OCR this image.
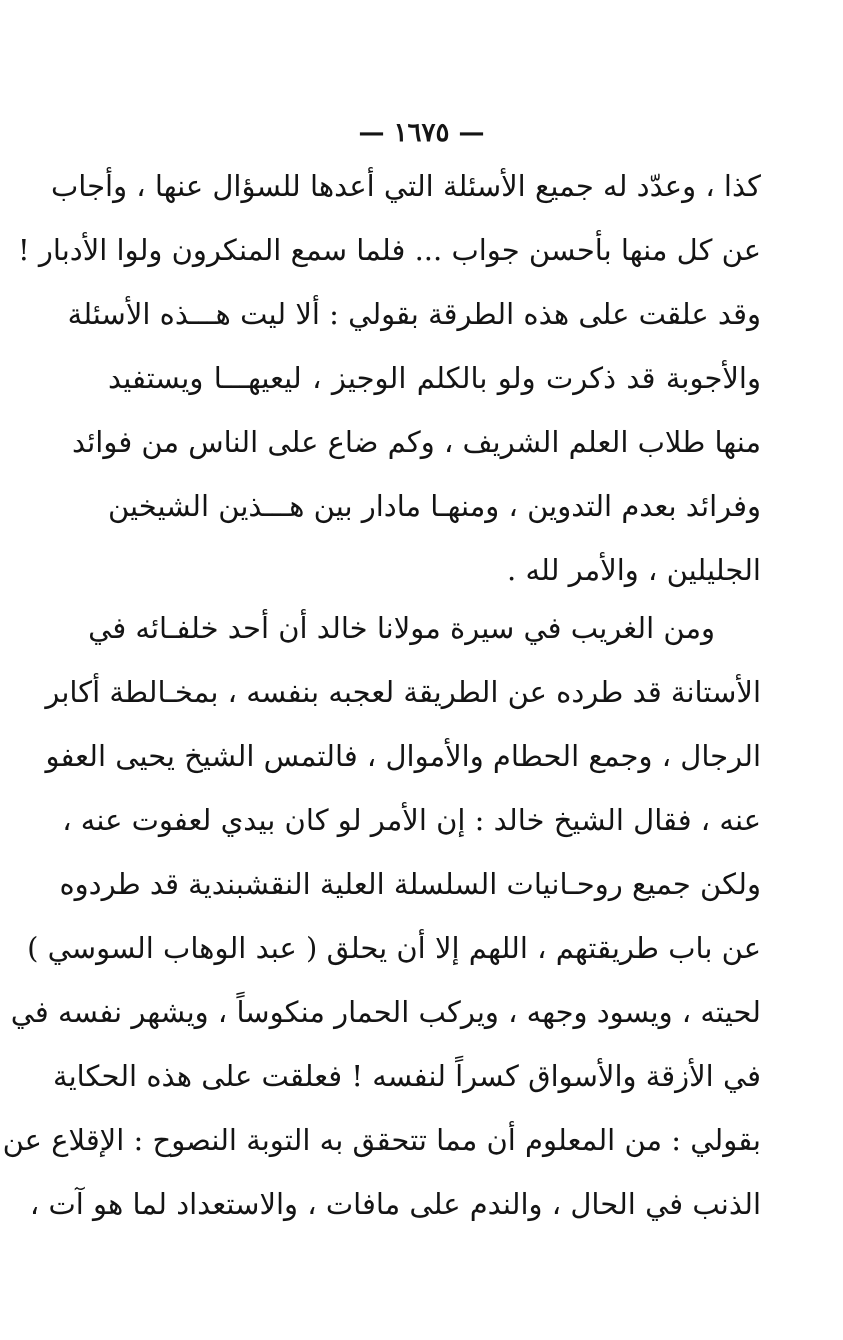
— ١٦٧٥ —
كذا ، وعدّد له جميع الأسئلة التي أعدها للسؤال عنها ، وأجاب
عن كل منها بأحسن جواب ... فلما سمع المنكرون ولوا الأدبار !
وقد علقت على هذه الطرقة بقولي : ألا ليت هـــذه الأسئلة
والأجوبة قد ذكرت ولو بالكلم الوجيز ، ليعيهـــا ويستفيد
منها طلاب العلم الشريف ، وكم ضاع على الناس من فوائد
وفرائد بعدم التدوين ، ومنهـا مادار بين هـــذين الشيخين
الجليلين ، والأمر لله .
ومن الغريب في سيرة مولانا خالد أن أحد خلفـائه في
الأستانة قد طرده عن الطريقة لعجبه بنفسه ، بمخـالطة أكابر
الرجال ، وجمع الحطام والأموال ، فالتمس الشيخ يحيى العفو
عنه ، فقال الشيخ خالد : إن الأمر لو كان بيدي لعفوت عنه ،
ولكن جميع روحـانيات السلسلة العلية النقشبندية قد طردوه
عن باب طريقتهم ، اللهم إلا أن يحلق ( عبد الوهاب السوسي )
لحيته ، ويسود وجهه ، ويركب الحمار منكوساً ، ويشهر نفسه في
في الأزقة والأسواق كسراً لنفسه ! فعلقت على هذه الحكاية
بقولي : من المعلوم أن مما تتحقق به التوبة النصوح : الإقلاع عن
الذنب في الحال ، والندم على مافات ، والاستعداد لما هو آت ،
